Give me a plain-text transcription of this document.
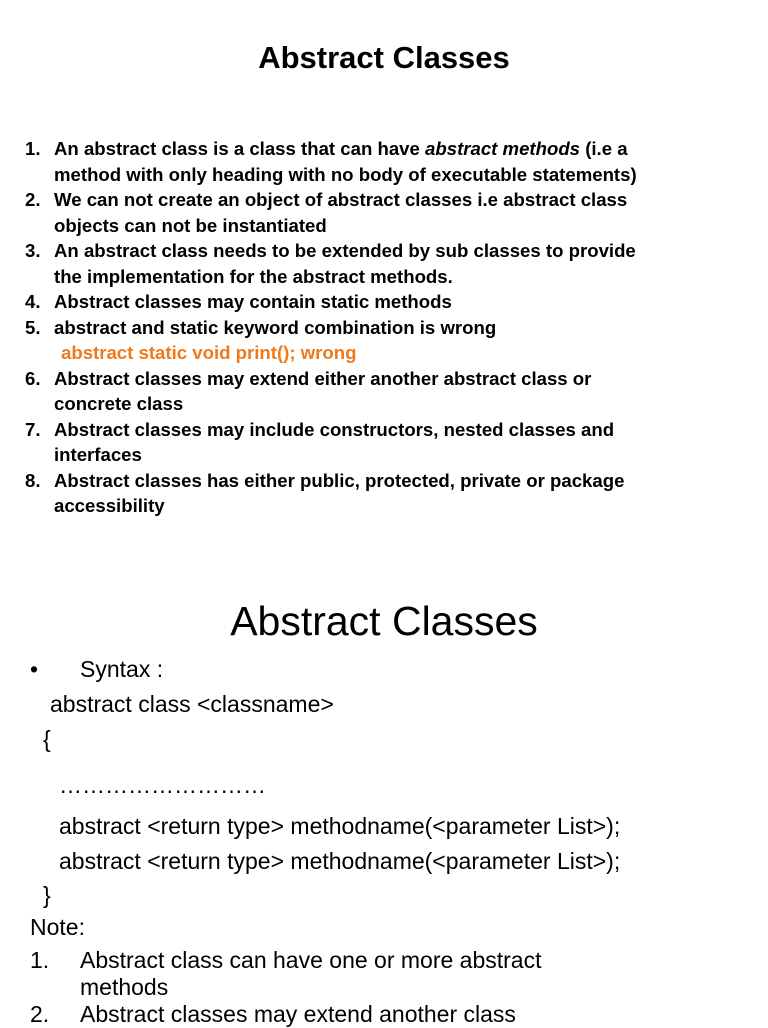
Abstract Classes
1. An abstract class is a class that can have abstract methods (i.e a
method with only heading with no body of executable statements)
2. We can not create an object of abstract classes i.e abstract class
objects can not be instantiated
3. An abstract class needs to be extended by sub classes to provide
the implementation for the abstract methods.
4. Abstract classes may contain static methods
5. abstract and static keyword combination is wrong
abstract static void print(); wrong
6. Abstract classes may extend either another abstract class or
concrete class
7. Abstract classes may include constructors, nested classes and
interfaces
8. Abstract classes has either public, protected, private or package
accessibility
Abstract Classes
• Syntax :
abstract class <classname>
{
………………………
abstract <return type> methodname(<parameter List>);
abstract <return type> methodname(<parameter List>);
}
Note:
1. Abstract class can have one or more abstract
methods
2. Abstract classes may extend another class
